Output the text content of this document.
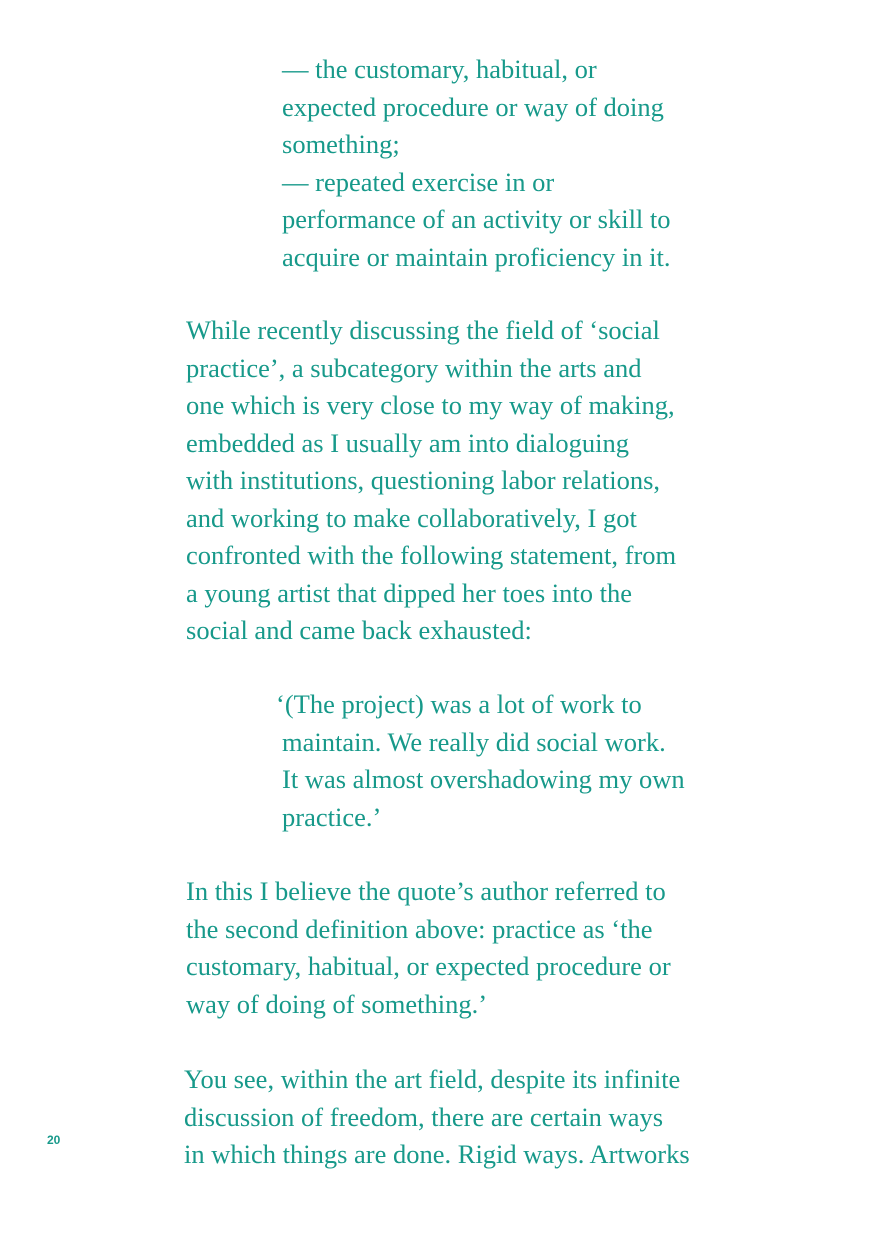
— the customary, habitual, or
expected procedure or way of doing
something;
— repeated exercise in or
performance of an activity or skill to
acquire or maintain proficiency in it.
While recently discussing the field of ‘social
practice’, a subcategory within the arts and
one which is very close to my way of making,
embedded as I usually am into dialoguing
with institutions, questioning labor relations,
and working to make collaboratively, I got
confronted with the following statement, from
a young artist that dipped her toes into the
social and came back exhausted:
‘(The project) was a lot of work to
maintain. We really did social work.
It was almost overshadowing my own
practice.’
In this I believe the quote’s author referred to
the second definition above: practice as ‘the
customary, habitual, or expected procedure or
way of doing of something.’
You see, within the art field, despite its infinite
discussion of freedom, there are certain ways
in which things are done. Rigid ways. Artworks
20
